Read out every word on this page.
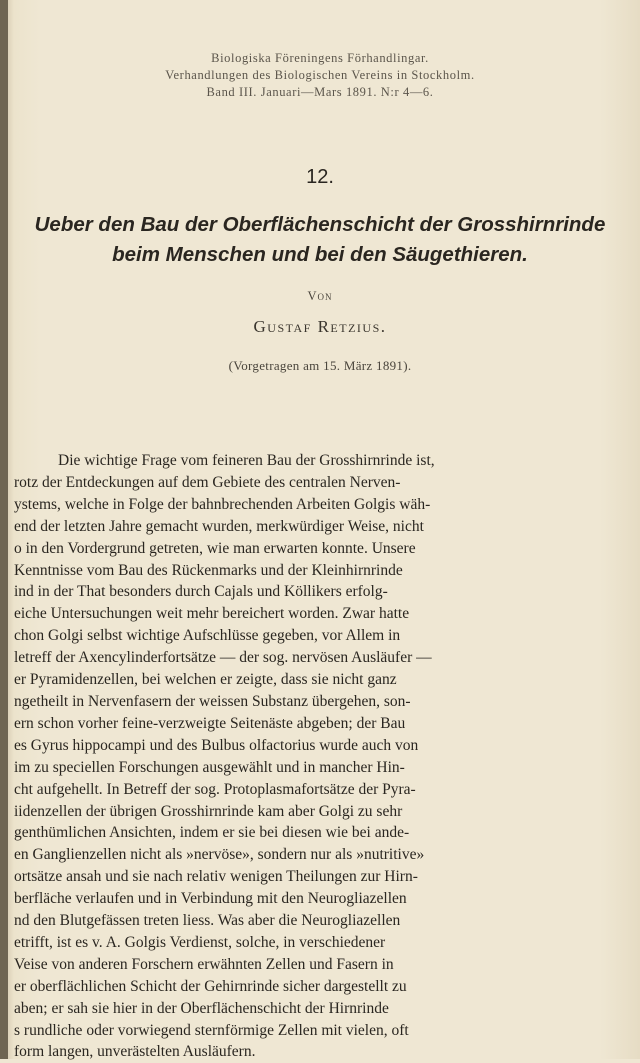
Biologiska Föreningens Förhandlingar.
Verhandlungen des Biologischen Vereins in Stockholm.
Band III. Januari—Mars 1891. N:r 4—6.
12.
Ueber den Bau der Oberflächenschicht der Grosshirnrinde
beim Menschen und bei den Säugethieren.
Von
Gustaf Retzius.
(Vorgetragen am 15. März 1891).
Die wichtige Frage vom feineren Bau der Grosshirnrinde ist,
rotz der Entdeckungen auf dem Gebiete des centralen Nerven-
ystems, welche in Folge der bahnbrechenden Arbeiten Golgis wäh-
end der letzten Jahre gemacht wurden, merkwürdiger Weise, nicht
o in den Vordergrund getreten, wie man erwarten konnte. Unsere
Kenntnisse vom Bau des Rückenmarks und der Kleinhirnrinde
ind in der That besonders durch Cajals und Köllikers erfolg-
eiche Untersuchungen weit mehr bereichert worden. Zwar hatte
chon Golgi selbst wichtige Aufschlüsse gegeben, vor Allem in
letreff der Axencylinderfortsätze — der sog. nervösen Ausläufer —
er Pyramidenzellen, bei welchen er zeigte, dass sie nicht ganz
ngetheilt in Nervenfasern der weissen Substanz übergehen, son-
ern schon vorher feine-verzweigte Seitenäste abgeben; der Bau
es Gyrus hippocampi und des Bulbus olfactorius wurde auch von
im zu speciellen Forschungen ausgewählt und in mancher Hin-
cht aufgehellt. In Betreff der sog. Protoplasmafortsätze der Pyra-
iidenzellen der übrigen Grosshirnrinde kam aber Golgi zu sehr
genthümlichen Ansichten, indem er sie bei diesen wie bei ande-
en Ganglienzellen nicht als »nervöse», sondern nur als »nutritive»
ortsätze ansah und sie nach relativ wenigen Theilungen zur Hirn-
berfläche verlaufen und in Verbindung mit den Neurogliazellen
nd den Blutgefässen treten liess. Was aber die Neurogliazellen
etrifft, ist es v. A. Golgis Verdienst, solche, in verschiedener
Veise von anderen Forschern erwähnten Zellen und Fasern in
er oberflächlichen Schicht der Gehirnrinde sicher dargestellt zu
aben; er sah sie hier in der Oberflächenschicht der Hirnrinde
s rundliche oder vorwiegend sternförmige Zellen mit vielen, oft
form langen, unverästelten Ausläufern.
